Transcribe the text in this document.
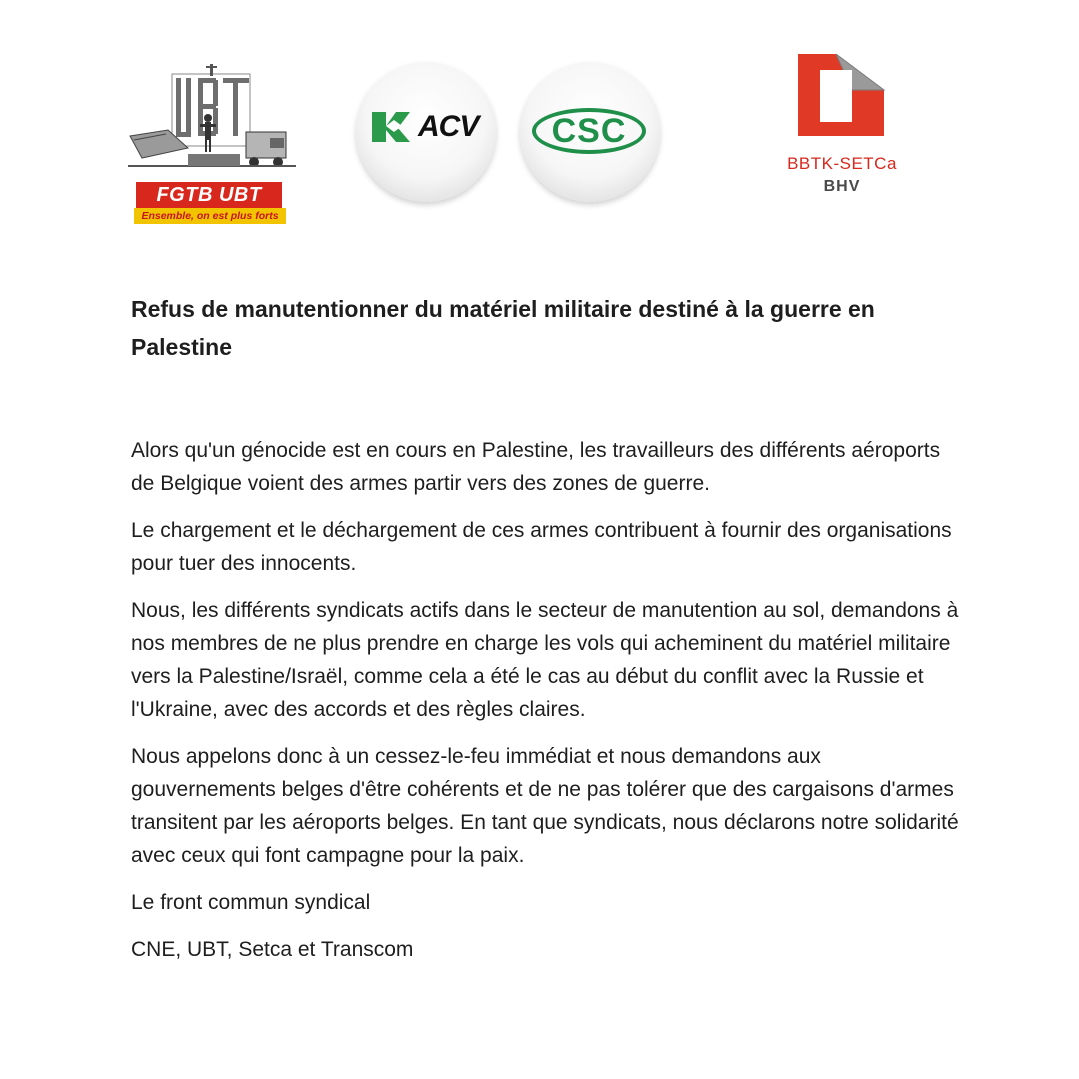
FGTB UBT
Ensemble, on est plus forts
ACV	CSC
BBTK-SETCa
BHV
Refus de manutentionner du matériel militaire destiné à la guerre en Palestine

Alors qu'un génocide est en cours en Palestine, les travailleurs des différents aéroports de Belgique voient des armes partir vers des zones de guerre.

Le chargement et le déchargement de ces armes contribuent à fournir des organisations pour tuer des innocents.

Nous, les différents syndicats actifs dans le secteur de manutention au sol, demandons à nos membres de ne plus prendre en charge les vols qui acheminent du matériel militaire vers la Palestine/Israël, comme cela a été le cas au début du conflit avec la Russie et l'Ukraine, avec des accords et des règles claires.

Nous appelons donc à un cessez-le-feu immédiat et nous demandons aux gouvernements belges d'être cohérents et de ne pas tolérer que des cargaisons d'armes transitent par les aéroports belges. En tant que syndicats, nous déclarons notre solidarité avec ceux qui font campagne pour la paix.

Le front commun syndical

CNE, UBT, Setca et Transcom
